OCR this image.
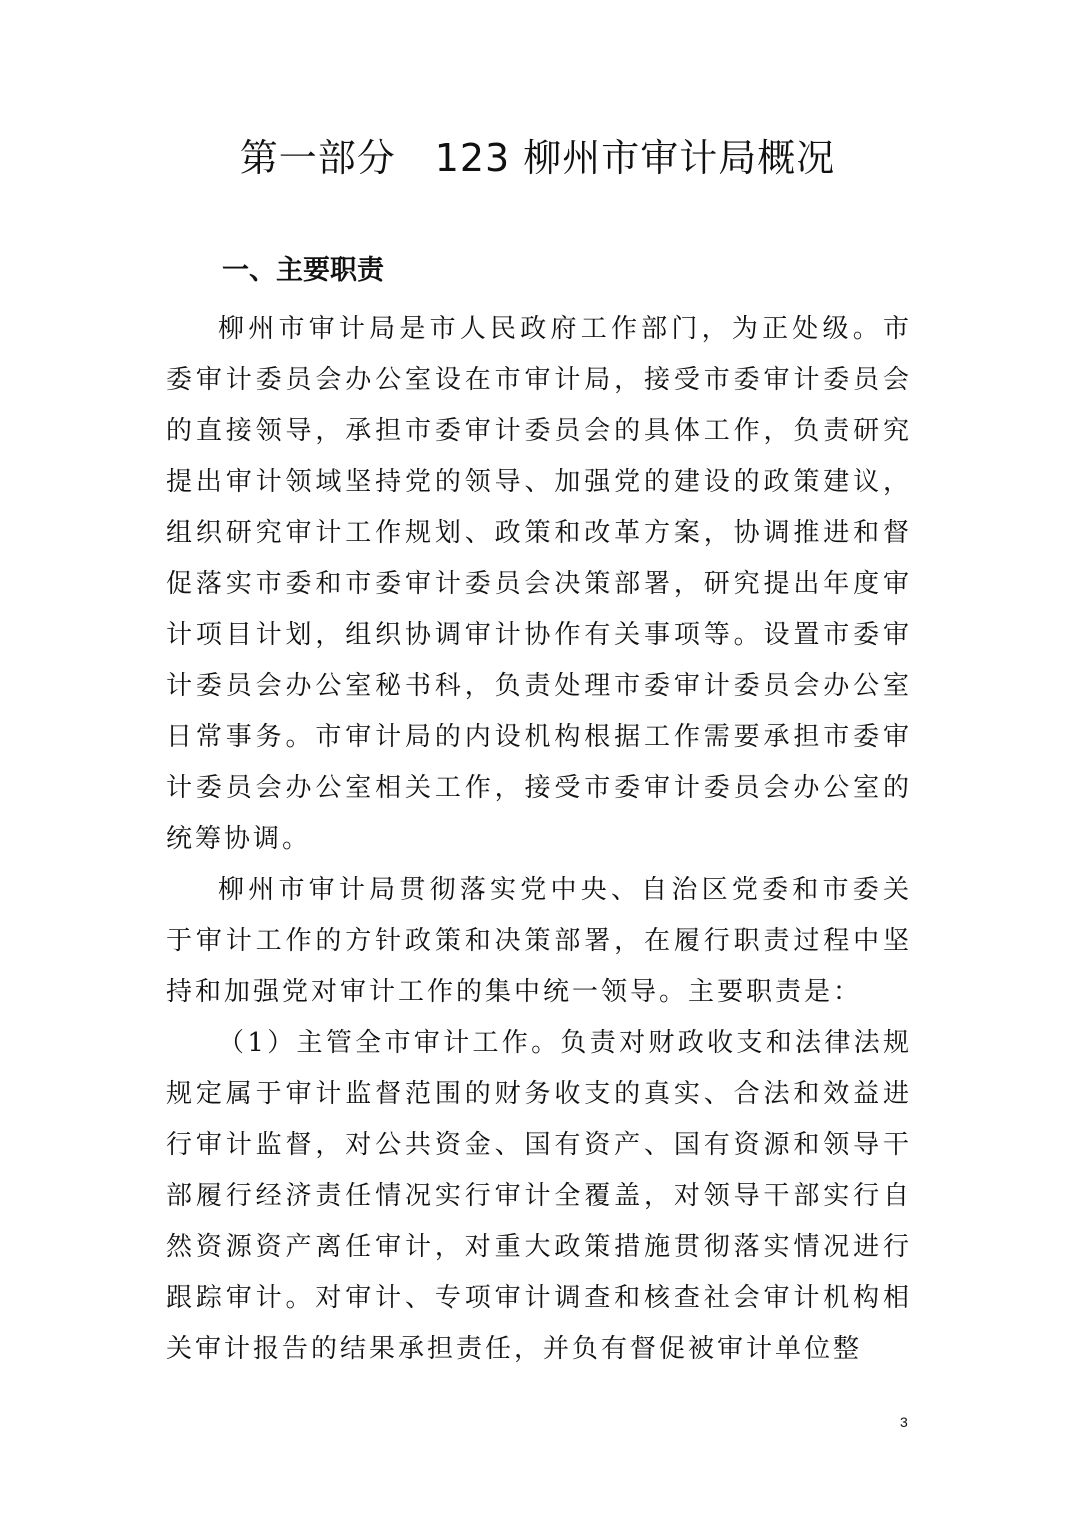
第一部分　123 柳州市审计局概况
一、主要职责

柳州市审计局是市人民政府工作部门，为正处级。市委审计委员会办公室设在市审计局，接受市委审计委员会的直接领导，承担市委审计委员会的具体工作，负责研究提出审计领域坚持党的领导、加强党的建设的政策建议，组织研究审计工作规划、政策和改革方案，协调推进和督促落实市委和市委审计委员会决策部署，研究提出年度审计项目计划，组织协调审计协作有关事项等。设置市委审计委员会办公室秘书科，负责处理市委审计委员会办公室日常事务。市审计局的内设机构根据工作需要承担市委审计委员会办公室相关工作，接受市委审计委员会办公室的统筹协调。

柳州市审计局贯彻落实党中央、自治区党委和市委关于审计工作的方针政策和决策部署，在履行职责过程中坚持和加强党对审计工作的集中统一领导。主要职责是：

（1）主管全市审计工作。负责对财政收支和法律法规规定属于审计监督范围的财务收支的真实、合法和效益进行审计监督，对公共资金、国有资产、国有资源和领导干部履行经济责任情况实行审计全覆盖，对领导干部实行自然资源资产离任审计，对重大政策措施贯彻落实情况进行跟踪审计。对审计、专项审计调查和核查社会审计机构相关审计报告的结果承担责任，并负有督促被审计单位整

3
